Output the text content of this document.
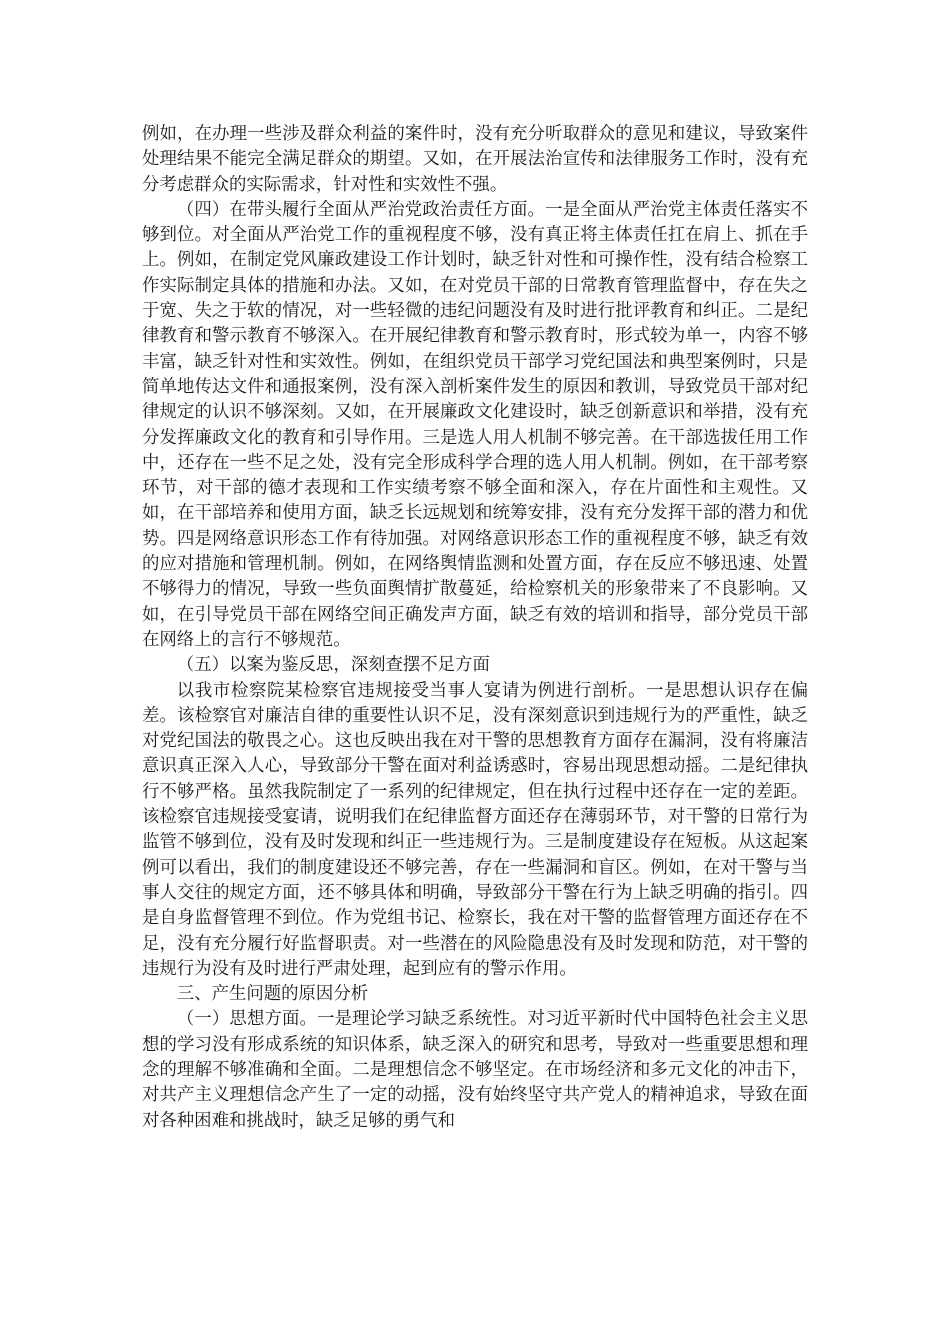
例如，在办理一些涉及群众利益的案件时，没有充分听取群众的意见和建议，导致案件处理结果不能完全满足群众的期望。又如，在开展法治宣传和法律服务工作时，没有充分考虑群众的实际需求，针对性和实效性不强。

（四）在带头履行全面从严治党政治责任方面。一是全面从严治党主体责任落实不够到位。对全面从严治党工作的重视程度不够，没有真正将主体责任扛在肩上、抓在手上。例如，在制定党风廉政建设工作计划时，缺乏针对性和可操作性，没有结合检察工作实际制定具体的措施和办法。又如，在对党员干部的日常教育管理监督中，存在失之于宽、失之于软的情况，对一些轻微的违纪问题没有及时进行批评教育和纠正。二是纪律教育和警示教育不够深入。在开展纪律教育和警示教育时，形式较为单一，内容不够丰富，缺乏针对性和实效性。例如，在组织党员干部学习党纪国法和典型案例时，只是简单地传达文件和通报案例，没有深入剖析案件发生的原因和教训，导致党员干部对纪律规定的认识不够深刻。又如，在开展廉政文化建设时，缺乏创新意识和举措，没有充分发挥廉政文化的教育和引导作用。三是选人用人机制不够完善。在干部选拔任用工作中，还存在一些不足之处，没有完全形成科学合理的选人用人机制。例如，在干部考察环节，对干部的德才表现和工作实绩考察不够全面和深入，存在片面性和主观性。又如，在干部培养和使用方面，缺乏长远规划和统筹安排，没有充分发挥干部的潜力和优势。四是网络意识形态工作有待加强。对网络意识形态工作的重视程度不够，缺乏有效的应对措施和管理机制。例如，在网络舆情监测和处置方面，存在反应不够迅速、处置不够得力的情况，导致一些负面舆情扩散蔓延，给检察机关的形象带来了不良影响。又如，在引导党员干部在网络空间正确发声方面，缺乏有效的培训和指导，部分党员干部在网络上的言行不够规范。

（五）以案为鉴反思，深刻查摆不足方面

以我市检察院某检察官违规接受当事人宴请为例进行剖析。一是思想认识存在偏差。该检察官对廉洁自律的重要性认识不足，没有深刻意识到违规行为的严重性，缺乏对党纪国法的敬畏之心。这也反映出我在对干警的思想教育方面存在漏洞，没有将廉洁意识真正深入人心，导致部分干警在面对利益诱惑时，容易出现思想动摇。二是纪律执行不够严格。虽然我院制定了一系列的纪律规定，但在执行过程中还存在一定的差距。该检察官违规接受宴请，说明我们在纪律监督方面还存在薄弱环节，对干警的日常行为监管不够到位，没有及时发现和纠正一些违规行为。三是制度建设存在短板。从这起案例可以看出，我们的制度建设还不够完善，存在一些漏洞和盲区。例如，在对干警与当事人交往的规定方面，还不够具体和明确，导致部分干警在行为上缺乏明确的指引。四是自身监督管理不到位。作为党组书记、检察长，我在对干警的监督管理方面还存在不足，没有充分履行好监督职责。对一些潜在的风险隐患没有及时发现和防范，对干警的违规行为没有及时进行严肃处理，起到应有的警示作用。

三、产生问题的原因分析

（一）思想方面。一是理论学习缺乏系统性。对习近平新时代中国特色社会主义思想的学习没有形成系统的知识体系，缺乏深入的研究和思考，导致对一些重要思想和理念的理解不够准确和全面。二是理想信念不够坚定。在市场经济和多元文化的冲击下，对共产主义理想信念产生了一定的动摇，没有始终坚守共产党人的精神追求，导致在面对各种困难和挑战时，缺乏足够的勇气和
